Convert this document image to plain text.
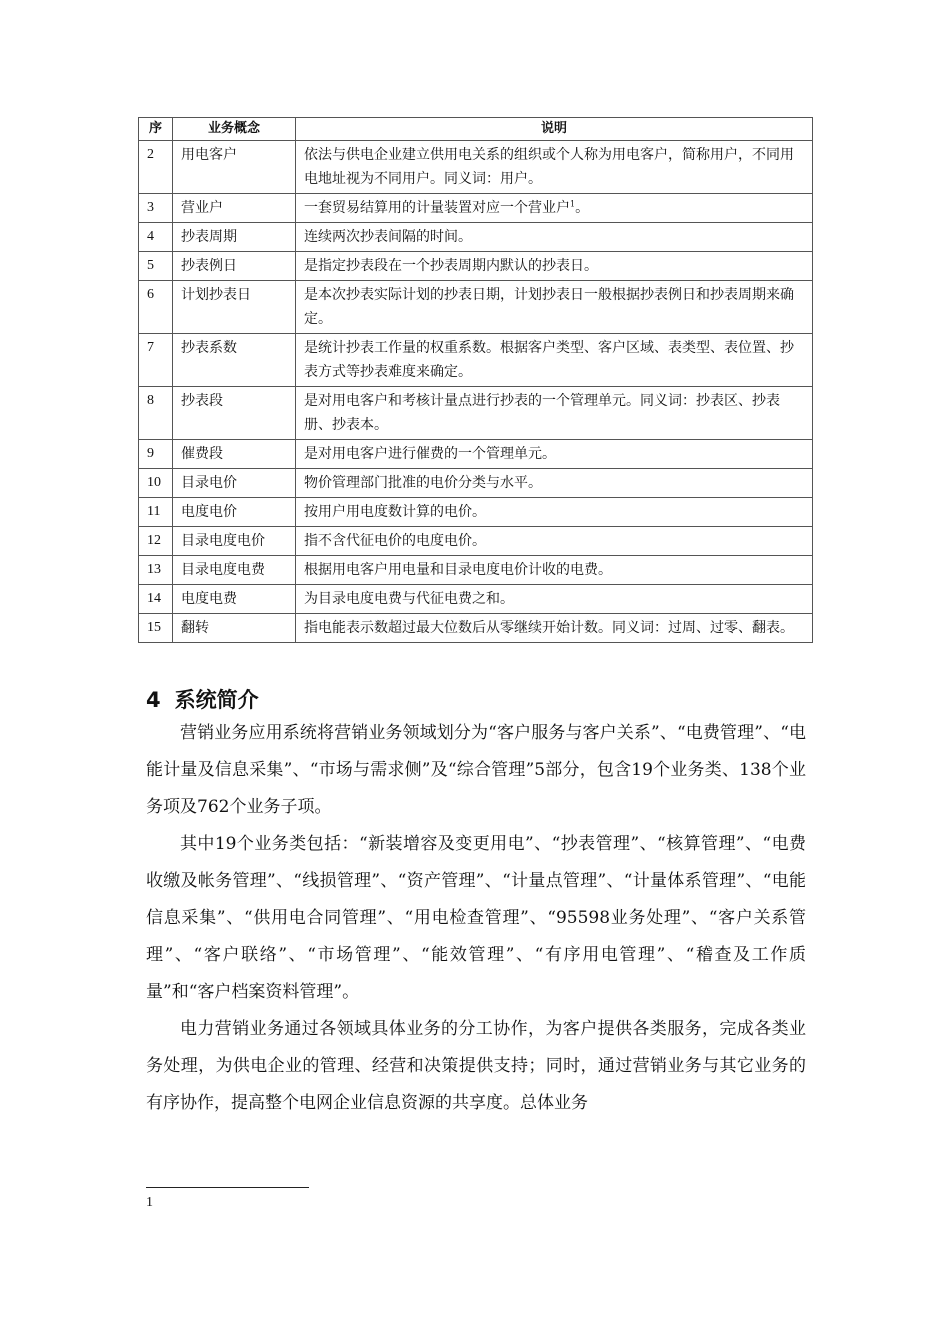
序	业务概念	说明
2	用电客户	依法与供电企业建立供用电关系的组织或个人称为用电客户，简称用户，不同用电地址视为不同用户。同义词：用户。
3	营业户	一套贸易结算用的计量装置对应一个营业户$^1$。
4	抄表周期	连续两次抄表间隔的时间。
5	抄表例日	是指定抄表段在一个抄表周期内默认的抄表日。
6	计划抄表日	是本次抄表实际计划的抄表日期，计划抄表日一般根据抄表例日和抄表周期来确定。
7	抄表系数	是统计抄表工作量的权重系数。根据客户类型、客户区域、表类型、表位置、抄表方式等抄表难度来确定。
8	抄表段	是对用电客户和考核计量点进行抄表的一个管理单元。同义词：抄表区、抄表册、抄表本。
9	催费段	是对用电客户进行催费的一个管理单元。
10	目录电价	物价管理部门批准的电价分类与水平。
11	电度电价	按用户用电度数计算的电价。
12	目录电度电价	指不含代征电价的电度电价。
13	目录电度电费	根据用电客户用电量和目录电度电价计收的电费。
14	电度电费	为目录电度电费与代征电费之和。
15	翻转	指电能表示数超过最大位数后从零继续开始计数。同义词：过周、过零、翻表。
4 系统简介

营销业务应用系统将营销业务领域划分为“客户服务与客户关系”、“电费管理”、“电能计量及信息采集”、“市场与需求侧”及“综合管理”5部分，包含19个业务类、138个业务项及762个业务子项。

其中19个业务类包括：“新装增容及变更用电”、“抄表管理”、“核算管理”、“电费收缴及帐务管理”、“线损管理”、“资产管理”、“计量点管理”、“计量体系管理”、“电能信息采集”、“供用电合同管理”、“用电检查管理”、“95598业务处理”、“客户关系管理”、“客户联络”、“市场管理”、“能效管理”、“有序用电管理”、“稽查及工作质量”和“客户档案资料管理”。

电力营销业务通过各领域具体业务的分工协作，为客户提供各类服务，完成各类业务处理，为供电企业的管理、经营和决策提供支持；同时，通过营销业务与其它业务的有序协作，提高整个电网企业信息资源的共享度。总体业务

1
